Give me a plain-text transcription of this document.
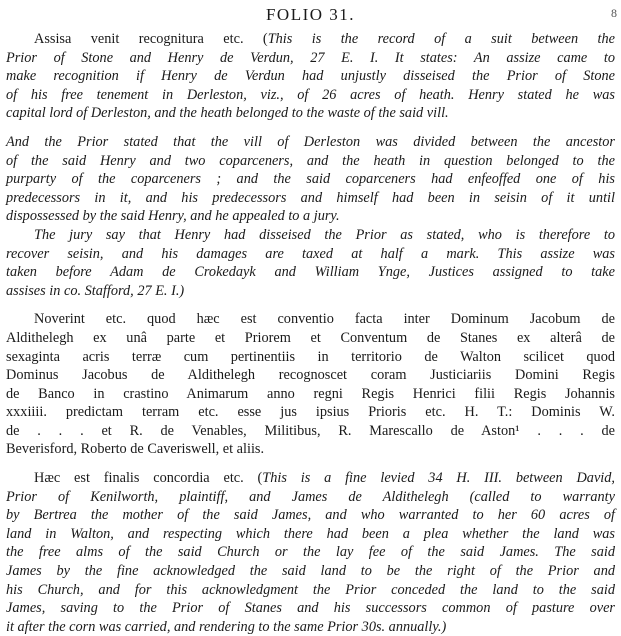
FOLIO 31.	8
Assisa venit recognitura etc. (This is the record of a suit between the
Prior of Stone and Henry de Verdun, 27 E. I. It states: An assize came to
make recognition if Henry de Verdun had unjustly disseised the Prior of Stone
of his free tenement in Derleston, viz., of 26 acres of heath. Henry stated he was
capital lord of Derleston, and the heath belonged to the waste of the said vill.
And the Prior stated that the vill of Derleston was divided between the ancestor
of the said Henry and two coparceners, and the heath in question belonged to the
purparty of the coparceners ; and the said coparceners had enfeoffed one of his
predecessors in it, and his predecessors and himself had been in seisin of it until
dispossessed by the said Henry, and he appealed to a jury.
The jury say that Henry had disseised the Prior as stated, who is therefore to
recover seisin, and his damages are taxed at half a mark. This assize was
taken before Adam de Crokedayk and William Ynge, Justices assigned to take
assises in co. Stafford, 27 E. I.)
Noverint etc. quod hæc est conventio facta inter Dominum Jacobum de
Aldithelegh ex unâ parte et Priorem et Conventum de Stanes ex alterâ de
sexaginta acris terræ cum pertinentiis in territorio de Walton scilicet quod
Dominus Jacobus de Aldithelegh recognoscet coram Justiciariis Domini Regis
de Banco in crastino Animarum anno regni Regis Henrici filii Regis Johannis
xxxiiii. predictam terram etc. esse jus ipsius Prioris etc. H. T.: Dominis W.
de . . . et R. de Venables, Militibus, R. Marescallo de Aston¹ . . . de
Beverisford, Roberto de Caveriswell, et aliis.
Hæc est finalis concordia etc. (This is a fine levied 34 H. III. between David,
Prior of Kenilworth, plaintiff, and James de Aldithelegh (called to warranty
by Bertrea the mother of the said James, and who warranted to her 60 acres of
land in Walton, and respecting which there had been a plea whether the land was
the free alms of the said Church or the lay fee of the said James. The said
James by the fine acknowledged the said land to be the right of the Prior and
his Church, and for this acknowledgment the Prior conceded the land to the said
James, saving to the Prior of Stanes and his successors common of pasture over
it after the corn was carried, and rendering to the same Prior 30s. annually.)
